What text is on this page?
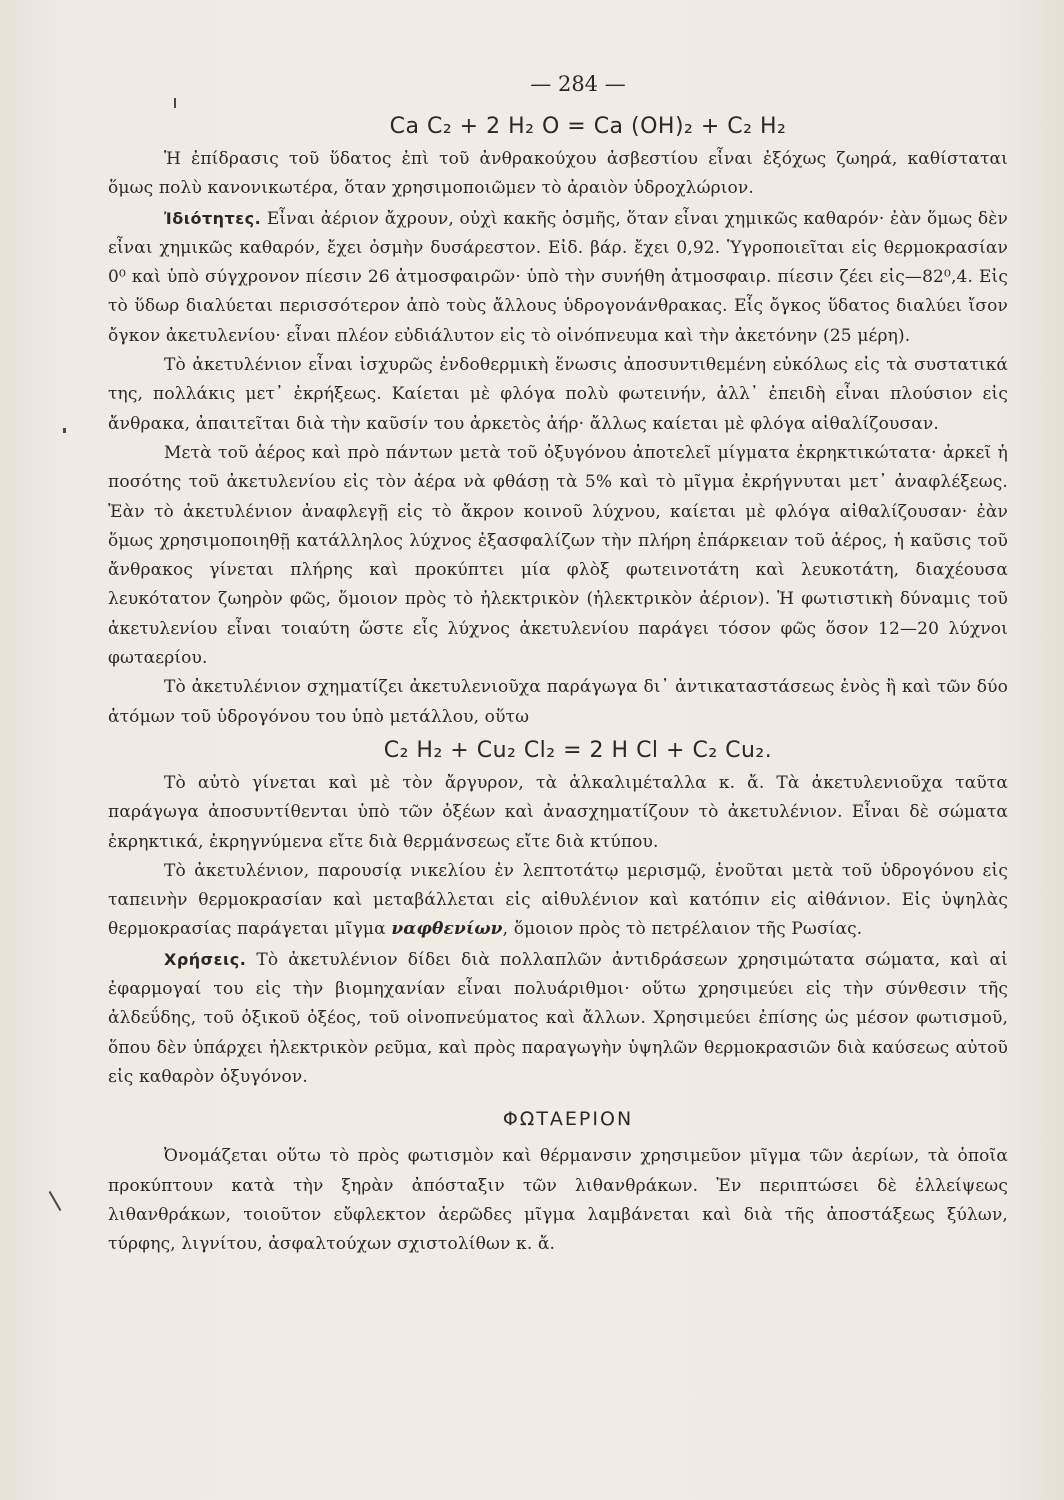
— 284 —
Ca C₂ + 2 H₂ O = Ca (OH)₂ + C₂ H₂

Ἡ ἐπίδρασις τοῦ ὕδατος ἐπὶ τοῦ ἀνθρακούχου ἀσβεστίου εἶναι ἐξόχως ζωηρά, καθίσταται ὅμως πολὺ κανονικωτέρα, ὅταν χρησιμοποιῶμεν τὸ ἀραιὸν ὑδροχλώριον.

Ἰδιότητες. Εἶναι ἀέριον ἄχρουν, οὐχὶ κακῆς ὀσμῆς, ὅταν εἶναι χημικῶς καθαρόν· ἐὰν ὅμως δὲν εἶναι χημικῶς καθαρόν, ἔχει ὀσμὴν δυσάρεστον. Εἰδ. βάρ. ἔχει 0,92. Ὑγροποιεῖται εἰς θερμοκρασίαν 0⁰ καὶ ὑπὸ σύγχρονον πίεσιν 26 ἀτμοσφαιρῶν· ὑπὸ τὴν συνήθη ἀτμοσφαιρ. πίεσιν ζέει εἰς—82⁰,4. Εἰς τὸ ὕδωρ διαλύεται περισσότερον ἀπὸ τοὺς ἄλλους ὑδρογονάνθρακας. Εἷς ὄγκος ὕδατος διαλύει ἴσον ὄγκον ἀκετυλενίου· εἶναι πλέον εὐδιάλυτον εἰς τὸ οἰνόπνευμα καὶ τὴν ἀκετόνην (25 μέρη).

Τὸ ἀκετυλένιον εἶναι ἰσχυρῶς ἐνδοθερμικὴ ἕνωσις ἀποσυντιθεμένη εὐκόλως εἰς τὰ συστατικά της, πολλάκις μετ᾽ ἐκρήξεως. Καίεται μὲ φλόγα πολὺ φωτεινήν, ἀλλ᾽ ἐπειδὴ εἶναι πλούσιον εἰς ἄνθρακα, ἀπαιτεῖται διὰ τὴν καῦσίν του ἀρκετὸς ἀήρ· ἄλλως καίεται μὲ φλόγα αἰθαλίζουσαν.

Μετὰ τοῦ ἀέρος καὶ πρὸ πάντων μετὰ τοῦ ὀξυγόνου ἀποτελεῖ μίγματα ἐκρηκτικώτατα· ἀρκεῖ ἡ ποσότης τοῦ ἀκετυλενίου εἰς τὸν ἀέρα νὰ φθάσῃ τὰ 5% καὶ τὸ μῖγμα ἐκρήγνυται μετ᾽ ἀναφλέξεως. Ἐὰν τὸ ἀκετυλένιον ἀναφλεγῇ εἰς τὸ ἄκρον κοινοῦ λύχνου, καίεται μὲ φλόγα αἰθαλίζουσαν· ἐὰν ὅμως χρησιμοποιηθῇ κατάλληλος λύχνος ἐξασφαλίζων τὴν πλήρη ἐπάρκειαν τοῦ ἀέρος, ἡ καῦσις τοῦ ἄνθρακος γίνεται πλήρης καὶ προκύπτει μία φλὸξ φωτεινοτάτη καὶ λευκοτάτη, διαχέουσα λευκότατον ζωηρὸν φῶς, ὅμοιον πρὸς τὸ ἠλεκτρικὸν (ἠλεκτρικὸν ἀέριον). Ἡ φωτιστικὴ δύναμις τοῦ ἀκετυλενίου εἶναι τοιαύτη ὥστε εἷς λύχνος ἀκετυλενίου παράγει τόσον φῶς ὅσον 12—20 λύχνοι φωταερίου.

Τὸ ἀκετυλένιον σχηματίζει ἀκετυλενιοῦχα παράγωγα δι᾽ ἀντικαταστάσεως ἑνὸς ἢ καὶ τῶν δύο ἀτόμων τοῦ ὑδρογόνου του ὑπὸ μετάλλου, οὕτω

C₂ H₂ + Cu₂ Cl₂ = 2 H Cl + C₂ Cu₂.

Τὸ αὐτὸ γίνεται καὶ μὲ τὸν ἄργυρον, τὰ ἀλκαλιμέταλλα κ. ἄ. Τὰ ἀκετυλενιοῦχα ταῦτα παράγωγα ἀποσυντίθενται ὑπὸ τῶν ὀξέων καὶ ἀνασχηματίζουν τὸ ἀκετυλένιον. Εἶναι δὲ σώματα ἐκρηκτικά, ἐκρηγνύμενα εἴτε διὰ θερμάνσεως εἴτε διὰ κτύπου.

Τὸ ἀκετυλένιον, παρουσίᾳ νικελίου ἐν λεπτοτάτῳ μερισμῷ, ἑνοῦται μετὰ τοῦ ὑδρογόνου εἰς ταπεινὴν θερμοκρασίαν καὶ μεταβάλλεται εἰς αἰθυλένιον καὶ κατόπιν εἰς αἰθάνιον. Εἰς ὑψηλὰς θερμοκρασίας παράγεται μῖγμα ναφθενίων, ὅμοιον πρὸς τὸ πετρέλαιον τῆς Ρωσίας.

Χρήσεις. Τὸ ἀκετυλένιον δίδει διὰ πολλαπλῶν ἀντιδράσεων χρησιμώτατα σώματα, καὶ αἱ ἐφαρμογαί του εἰς τὴν βιομηχανίαν εἶναι πολυάριθμοι· οὕτω χρησιμεύει εἰς τὴν σύνθεσιν τῆς ἀλδεΰδης, τοῦ ὀξικοῦ ὀξέος, τοῦ οἰνοπνεύματος καὶ ἄλλων. Χρησιμεύει ἐπίσης ὡς μέσον φωτισμοῦ, ὅπου δὲν ὑπάρχει ἠλεκτρικὸν ρεῦμα, καὶ πρὸς παραγωγὴν ὑψηλῶν θερμοκρασιῶν διὰ καύσεως αὐτοῦ εἰς καθαρὸν ὀξυγόνον.

ΦΩΤΑΕΡΙΟΝ

Ὀνομάζεται οὕτω τὸ πρὸς φωτισμὸν καὶ θέρμανσιν χρησιμεῦον μῖγμα τῶν ἀερίων, τὰ ὁποῖα προκύπτουν κατὰ τὴν ξηρὰν ἀπόσταξιν τῶν λιθανθράκων. Ἐν περιπτώσει δὲ ἐλλείψεως λιθανθράκων, τοιοῦτον εὔφλεκτον ἀερῶδες μῖγμα λαμβάνεται καὶ διὰ τῆς ἀποστάξεως ξύλων, τύρφης, λιγνίτου, ἀσφαλτούχων σχιστολίθων κ. ἄ.
